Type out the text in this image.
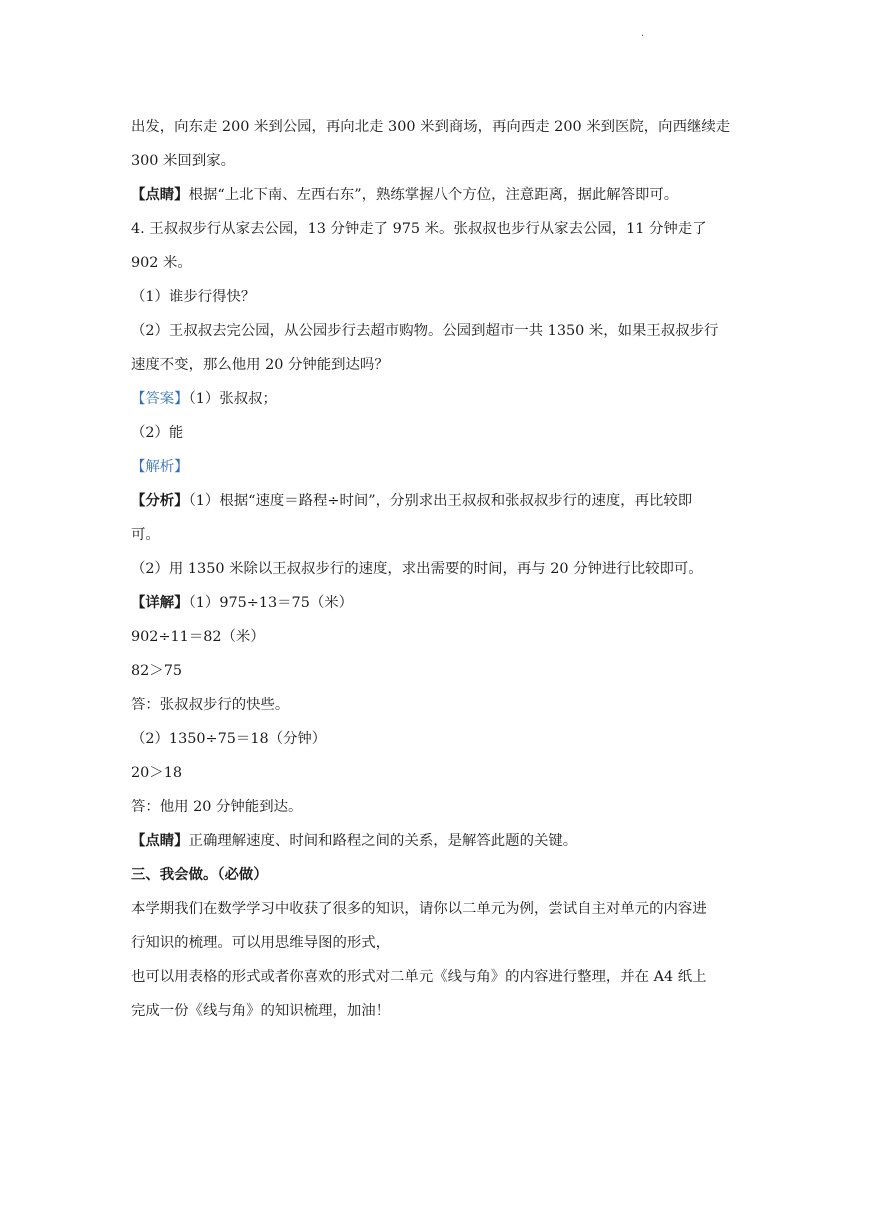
.

出发，向东走 200 米到公园，再向北走 300 米到商场，再向西走 200 米到医院，向西继续走

300 米回到家。

【点睛】根据“上北下南、左西右东”，熟练掌握八个方位，注意距离，据此解答即可。

4. 王叔叔步行从家去公园，13 分钟走了 975 米。张叔叔也步行从家去公园，11 分钟走了

902 米。

（1）谁步行得快？

（2）王叔叔去完公园，从公园步行去超市购物。公园到超市一共 1350 米，如果王叔叔步行

速度不变，那么他用 20 分钟能到达吗？

【答案】（1）张叔叔；

（2）能

【解析】

【分析】（1）根据“速度＝路程÷时间”，分别求出王叔叔和张叔叔步行的速度，再比较即

可。

（2）用 1350 米除以王叔叔步行的速度，求出需要的时间，再与 20 分钟进行比较即可。

【详解】（1）975÷13＝75（米）

902÷11＝82（米）

82＞75

答：张叔叔步行的快些。

（2）1350÷75＝18（分钟）

20＞18

答：他用 20 分钟能到达。

【点睛】正确理解速度、时间和路程之间的关系，是解答此题的关键。

三、我会做。（必做）

本学期我们在数学学习中收获了很多的知识，请你以二单元为例，尝试自主对单元的内容进

行知识的梳理。可以用思维导图的形式，

也可以用表格的形式或者你喜欢的形式对二单元《线与角》的内容进行整理，并在 A4 纸上

完成一份《线与角》的知识梳理，加油！
